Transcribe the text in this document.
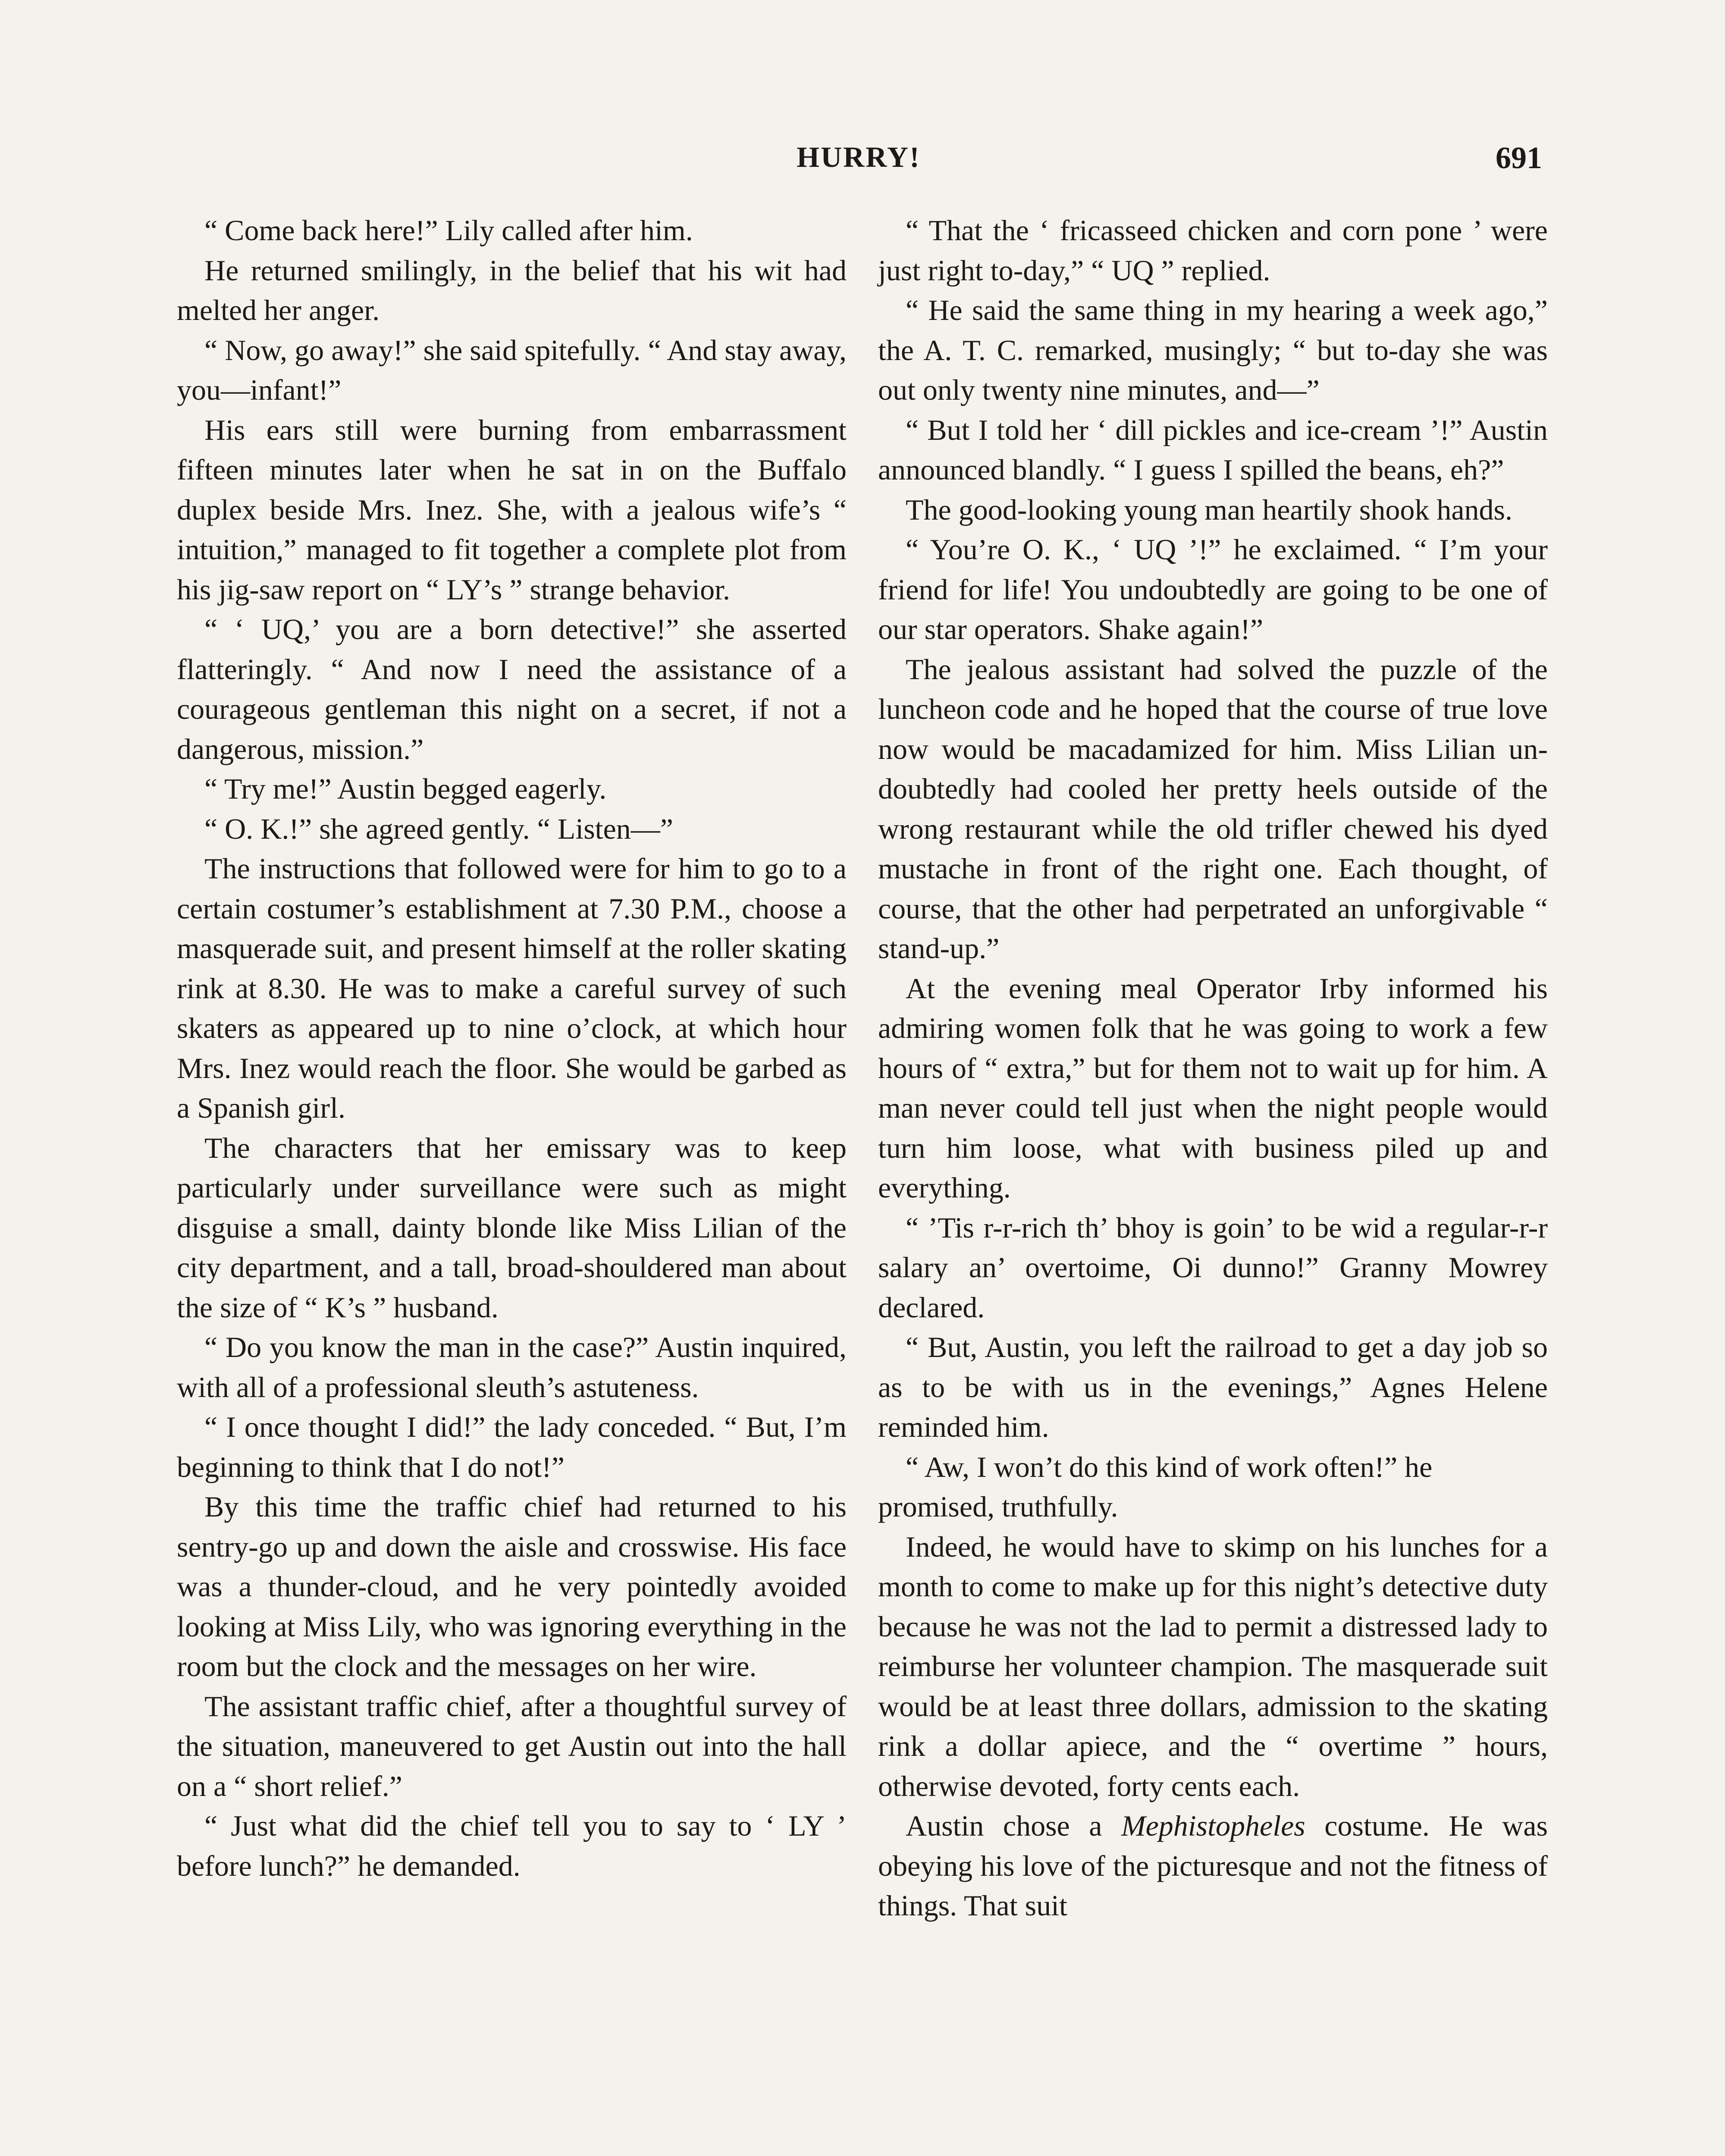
HURRY!	691

“ Come back here!” Lily called after him.

He returned smilingly, in the belief that his wit had melted her anger.

“ Now, go away!” she said spitefully. “ And stay away, you—infant!”

His ears still were burning from embarrassment fifteen minutes later when he sat in on the Buffalo duplex beside Mrs. Inez. She, with a jealous wife’s “ intuition,” managed to fit together a complete plot from his jig-saw report on “ LY’s ” strange behavior.

“ ‘ UQ,’ you are a born detective!” she asserted flatteringly. “ And now I need the assistance of a courageous gentleman this night on a secret, if not a dangerous, mission.”

“ Try me!” Austin begged eagerly.

“ O. K.!” she agreed gently. “ Listen—”

The instructions that followed were for him to go to a certain costumer’s establishment at 7.30 P.M., choose a masquerade suit, and present himself at the roller skating rink at 8.30. He was to make a careful survey of such skaters as appeared up to nine o’clock, at which hour Mrs. Inez would reach the floor. She would be garbed as a Spanish girl.

The characters that her emissary was to keep particularly under surveillance were such as might disguise a small, dainty blonde like Miss Lilian of the city department, and a tall, broad-shouldered man about the size of “ K’s ” husband.

“ Do you know the man in the case?” Austin inquired, with all of a professional sleuth’s astuteness.

“ I once thought I did!” the lady conceded. “ But, I’m beginning to think that I do not!”

By this time the traffic chief had returned to his sentry-go up and down the aisle and crosswise. His face was a thunder-cloud, and he very pointedly avoided looking at Miss Lily, who was ignoring everything in the room but the clock and the messages on her wire.

The assistant traffic chief, after a thoughtful survey of the situation, maneuvered to get Austin out into the hall on a “ short relief.”

“ Just what did the chief tell you to say to ‘ LY ’ before lunch?” he demanded.

“ That the ‘ fricasseed chicken and corn pone ’ were just right to-day,” “ UQ ” replied.

“ He said the same thing in my hearing a week ago,” the A. T. C. remarked, musingly; “ but to-day she was out only twenty nine minutes, and—”

“ But I told her ‘ dill pickles and ice-cream ’!” Austin announced blandly. “ I guess I spilled the beans, eh?”

The good-looking young man heartily shook hands.

“ You’re O. K., ‘ UQ ’!” he exclaimed. “ I’m your friend for life! You undoubtedly are going to be one of our star operators. Shake again!”

The jealous assistant had solved the puzzle of the luncheon code and he hoped that the course of true love now would be macadamized for him. Miss Lilian undoubtedly had cooled her pretty heels outside of the wrong restaurant while the old trifler chewed his dyed mustache in front of the right one. Each thought, of course, that the other had perpetrated an unforgivable “ stand-up.”

At the evening meal Operator Irby informed his admiring women folk that he was going to work a few hours of “ extra,” but for them not to wait up for him. A man never could tell just when the night people would turn him loose, what with business piled up and everything.

“ ’Tis r-r-rich th’ bhoy is goin’ to be wid a regular-r-r salary an’ overtoime, Oi dunno!” Granny Mowrey declared.

“ But, Austin, you left the railroad to get a day job so as to be with us in the evenings,” Agnes Helene reminded him.

“ Aw, I won’t do this kind of work often!” he promised, truthfully.

Indeed, he would have to skimp on his lunches for a month to come to make up for this night’s detective duty because he was not the lad to permit a distressed lady to reimburse her volunteer champion. The masquerade suit would be at least three dollars, admission to the skating rink a dollar apiece, and the “ overtime ” hours, otherwise devoted, forty cents each.

Austin chose a Mephistopheles costume. He was obeying his love of the picturesque and not the fitness of things. That suit
